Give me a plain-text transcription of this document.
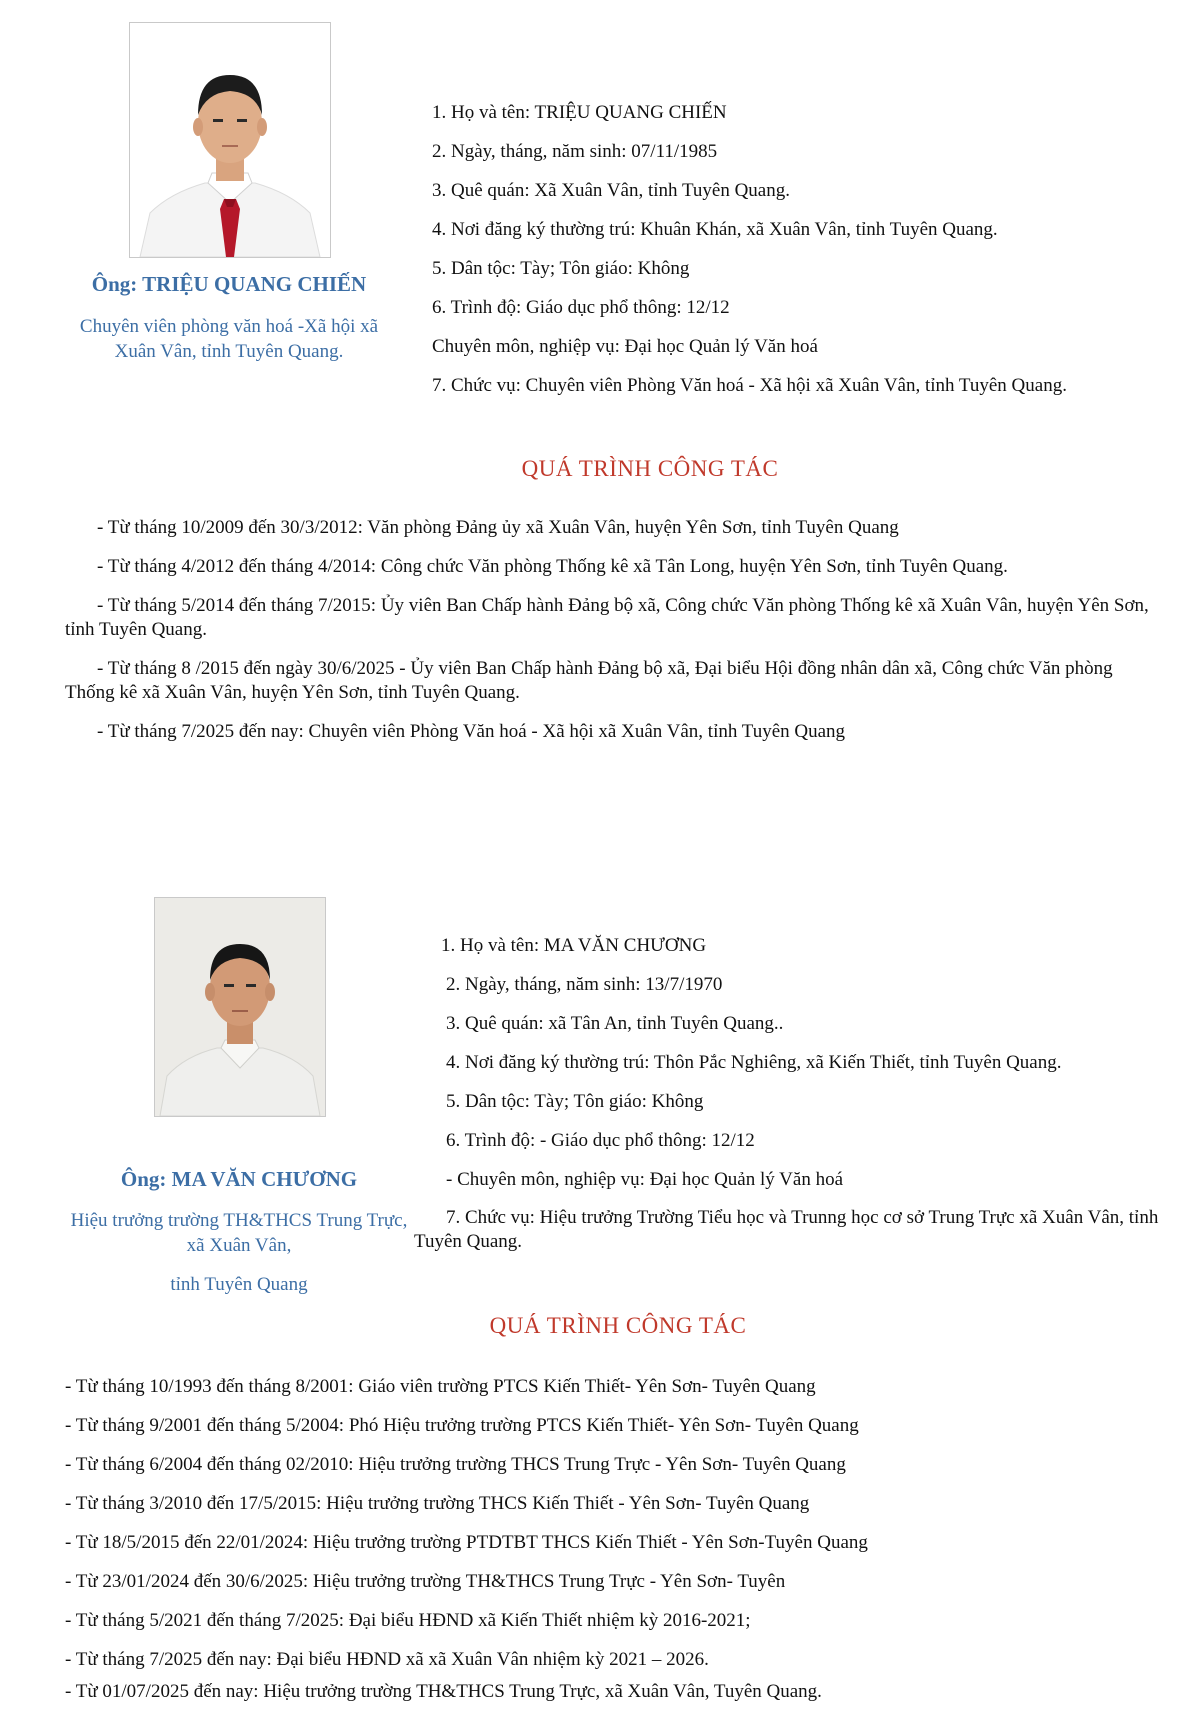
Ông: TRIỆU QUANG CHIẾN

Chuyên viên phòng văn hoá -Xã hội xã Xuân Vân, tỉnh Tuyên Quang.

1. Họ và tên: TRIỆU QUANG CHIẾN
2. Ngày, tháng, năm sinh: 07/11/1985
3. Quê quán: Xã Xuân Vân, tỉnh Tuyên Quang.
4. Nơi đăng ký thường trú: Khuân Khán, xã Xuân Vân, tỉnh Tuyên Quang.
5. Dân tộc: Tày; Tôn giáo: Không
6. Trình độ: Giáo dục phổ thông: 12/12
Chuyên môn, nghiệp vụ: Đại học Quản lý Văn hoá
7. Chức vụ: Chuyên viên Phòng Văn hoá - Xã hội xã Xuân Vân, tỉnh Tuyên Quang.

QUÁ TRÌNH CÔNG TÁC

- Từ tháng 10/2009 đến 30/3/2012: Văn phòng Đảng ủy xã Xuân Vân, huyện Yên Sơn, tỉnh Tuyên Quang
- Từ tháng 4/2012 đến tháng 4/2014: Công chức Văn phòng Thống kê xã Tân Long, huyện Yên Sơn, tỉnh Tuyên Quang.
- Từ tháng 5/2014 đến tháng 7/2015: Ủy viên Ban Chấp hành Đảng bộ xã, Công chức Văn phòng Thống kê xã Xuân Vân, huyện Yên Sơn, tỉnh Tuyên Quang.
- Từ tháng 8 /2015 đến ngày 30/6/2025 - Ủy viên Ban Chấp hành Đảng bộ xã, Đại biểu Hội đồng nhân dân xã, Công chức Văn phòng Thống kê xã Xuân Vân, huyện Yên Sơn, tỉnh Tuyên Quang.
- Từ tháng 7/2025 đến nay: Chuyên viên Phòng Văn hoá - Xã hội xã Xuân Vân, tỉnh Tuyên Quang

Ông: MA VĂN CHƯƠNG

Hiệu trưởng trường TH&THCS Trung Trực, xã Xuân Vân,

tỉnh Tuyên Quang

1. Họ và tên: MA VĂN CHƯƠNG
2. Ngày, tháng, năm sinh: 13/7/1970
3. Quê quán: xã Tân An, tỉnh Tuyên Quang..
4. Nơi đăng ký thường trú: Thôn Pắc Nghiêng, xã Kiến Thiết, tỉnh Tuyên Quang.
5. Dân tộc: Tày; Tôn giáo: Không
6. Trình độ: - Giáo dục phổ thông: 12/12
- Chuyên môn, nghiệp vụ: Đại học Quản lý Văn hoá
7. Chức vụ: Hiệu trưởng Trường Tiểu học và Trunng học cơ sở Trung Trực xã Xuân Vân, tỉnh Tuyên Quang.

QUÁ TRÌNH CÔNG TÁC

- Từ tháng 10/1993 đến tháng 8/2001: Giáo viên trường PTCS Kiến Thiết- Yên Sơn- Tuyên Quang
- Từ tháng 9/2001 đến tháng 5/2004: Phó Hiệu trưởng trường PTCS Kiến Thiết- Yên Sơn- Tuyên Quang
- Từ tháng 6/2004 đến tháng 02/2010: Hiệu trưởng trường THCS Trung Trực - Yên Sơn- Tuyên Quang
- Từ tháng 3/2010 đến 17/5/2015: Hiệu trưởng trường THCS Kiến Thiết - Yên Sơn- Tuyên Quang
- Từ 18/5/2015 đến 22/01/2024: Hiệu trưởng trường PTDTBT THCS Kiến Thiết - Yên Sơn-Tuyên Quang
- Từ 23/01/2024 đến 30/6/2025: Hiệu trưởng trường TH&THCS Trung Trực - Yên Sơn- Tuyên
- Từ tháng 5/2021 đến tháng 7/2025: Đại biểu HĐND xã Kiến Thiết nhiệm kỳ 2016-2021;
- Từ tháng 7/2025 đến nay: Đại biểu HĐND xã xã Xuân Vân nhiệm kỳ 2021 – 2026.
- Từ 01/07/2025 đến nay: Hiệu trưởng trường TH&THCS Trung Trực, xã Xuân Vân, Tuyên Quang.
